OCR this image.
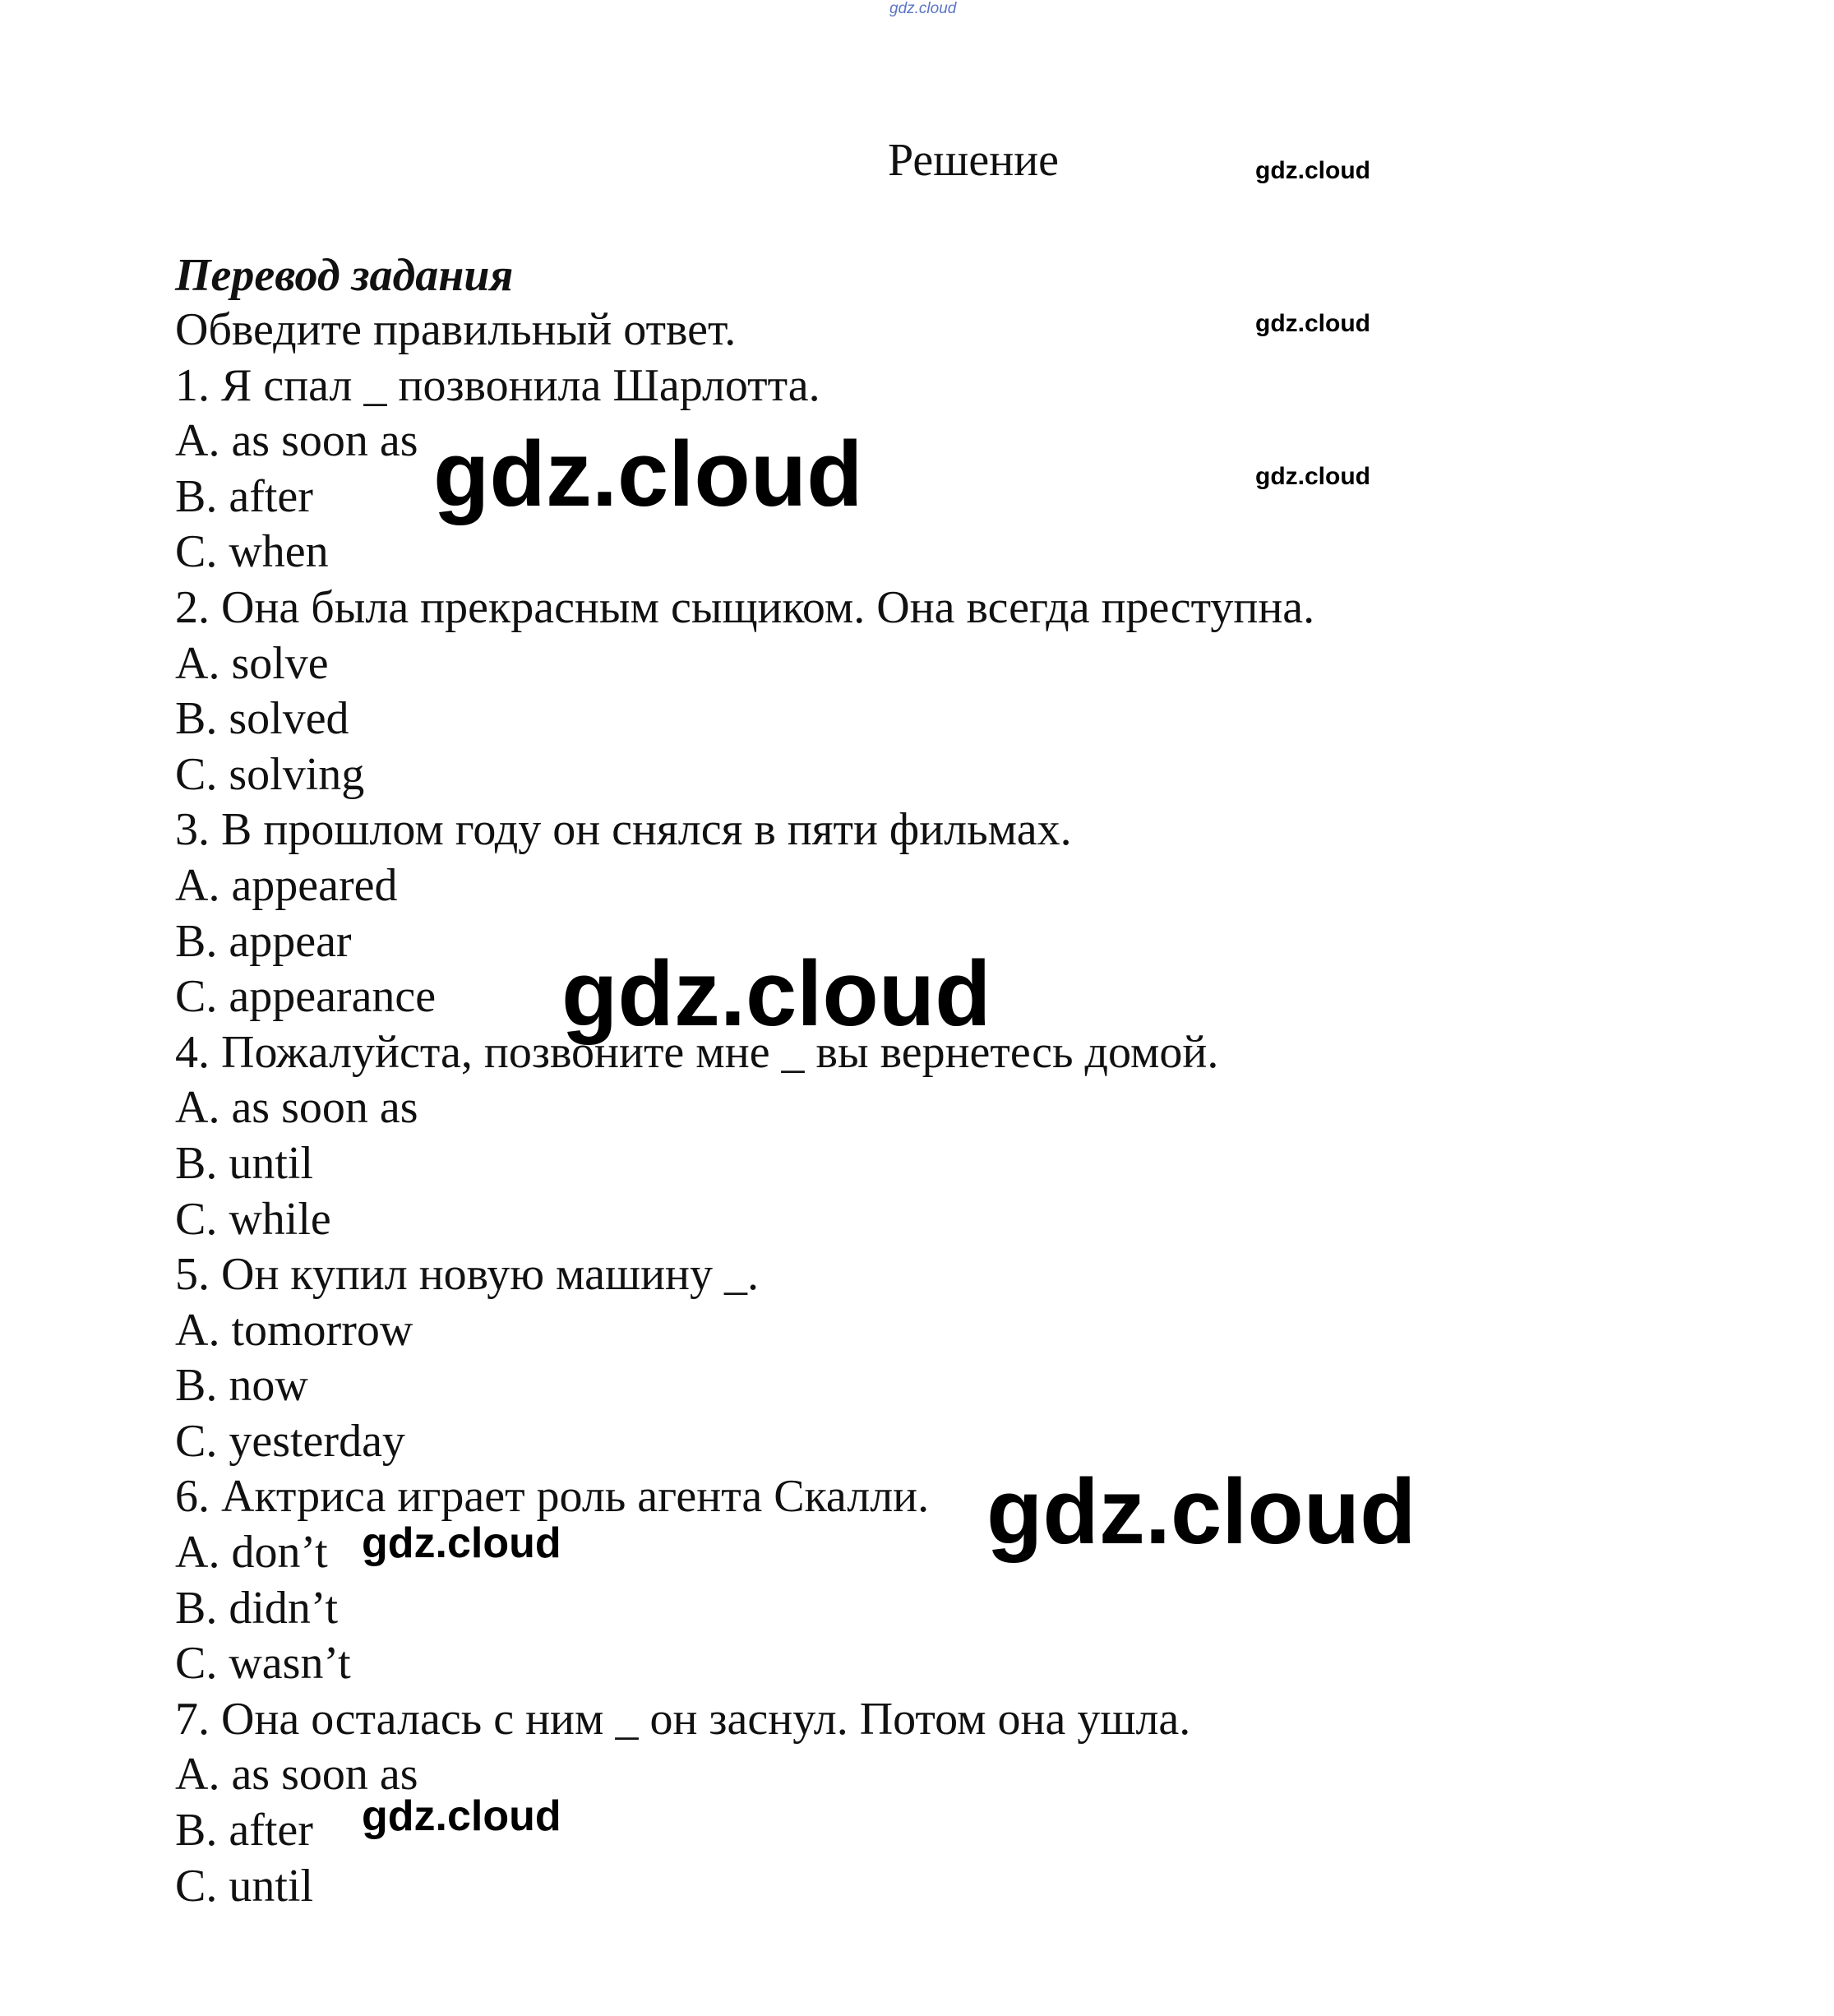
gdz.cloud
Решение
Перевод задания
Обведите правильный ответ.
1. Я спал _ позвонила Шарлотта.
A. as soon as
B. after
C. when
2. Она была прекрасным сыщиком. Она всегда преступна.
A. solve
B. solved
C. solving
3. В прошлом году он снялся в пяти фильмах.
A. appeared
B. appear
C. appearance
4. Пожалуйста, позвоните мне _ вы вернетесь домой.
A. as soon as
B. until
C. while
5. Он купил новую машину _.
A. tomorrow
B. now
C. yesterday
6. Актриса играет роль агента Скалли.
A. don’t
B. didn’t
C. wasn’t
7. Она осталась с ним _ он заснул. Потом она ушла.
A. as soon as
B. after
C. until
gdz.cloud
gdz.cloud
gdz.cloud
gdz.cloud
gdz.cloud
gdz.cloud
gdz.cloud
gdz.cloud
